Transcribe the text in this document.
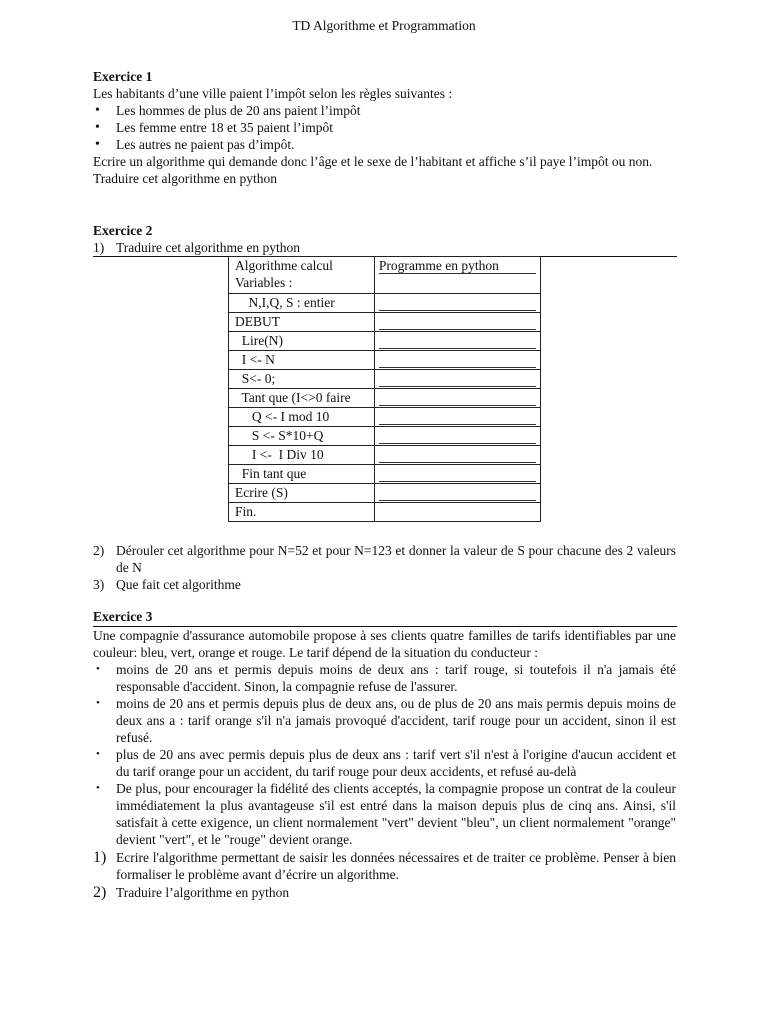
TD Algorithme et Programmation
Exercice 1
Les habitants d’une ville paient l’impôt selon les règles suivantes :
• Les hommes de plus de 20 ans paient l’impôt
• Les femme entre 18 et 35 paient l’impôt
• Les autres ne paient pas d’impôt.
Ecrire un algorithme qui demande donc l’âge et le sexe de l’habitant et affiche s’il paye l’impôt ou non.
Traduire cet algorithme en python
Exercice 2
1) Traduire cet algorithme en python
Algorithme calcul
Variables :	Programme en python

N,I,Q, S : entier	

DEBUT	

Lire(N)	

I <- N	

S<- 0;	

Tant que (I<>0 faire	

Q <- I mod 10	

S <- S*10+Q	

I <-  I Div 10	

Fin tant que	

Ecrire (S)	

Fin.	
2) Dérouler cet algorithme pour N=52 et pour N=123 et donner la valeur de S pour chacune des 2 valeurs de N
3) Que fait cet algorithme
Exercice 3
Une compagnie d'assurance automobile propose à ses clients quatre familles de tarifs identifiables par une couleur: bleu, vert, orange et rouge. Le tarif dépend de la situation du conducteur :
• moins de 20 ans et permis depuis moins de deux ans : tarif rouge, si toutefois il n'a jamais été responsable d'accident. Sinon, la compagnie refuse de l'assurer.
• moins de 20 ans et permis depuis plus de deux ans, ou de plus de 20 ans mais permis depuis moins de deux ans a : tarif orange s'il n'a jamais provoqué d'accident, tarif rouge pour un accident, sinon il est refusé.
• plus de 20 ans avec permis depuis plus de deux ans : tarif vert s'il n'est à l'origine d'aucun accident et du tarif orange pour un accident, du tarif rouge pour deux accidents, et refusé au-delà
• De plus, pour encourager la fidélité des clients acceptés, la compagnie propose un contrat de la couleur immédiatement la plus avantageuse s'il est entré dans la maison depuis plus de cinq ans. Ainsi, s'il satisfait à cette exigence, un client normalement "vert" devient "bleu", un client normalement "orange" devient "vert", et le "rouge" devient orange.
1) Ecrire l'algorithme permettant de saisir les données nécessaires et de traiter ce problème. Penser à bien formaliser le problème avant d’écrire un algorithme.
2) Traduire l’algorithme en python
